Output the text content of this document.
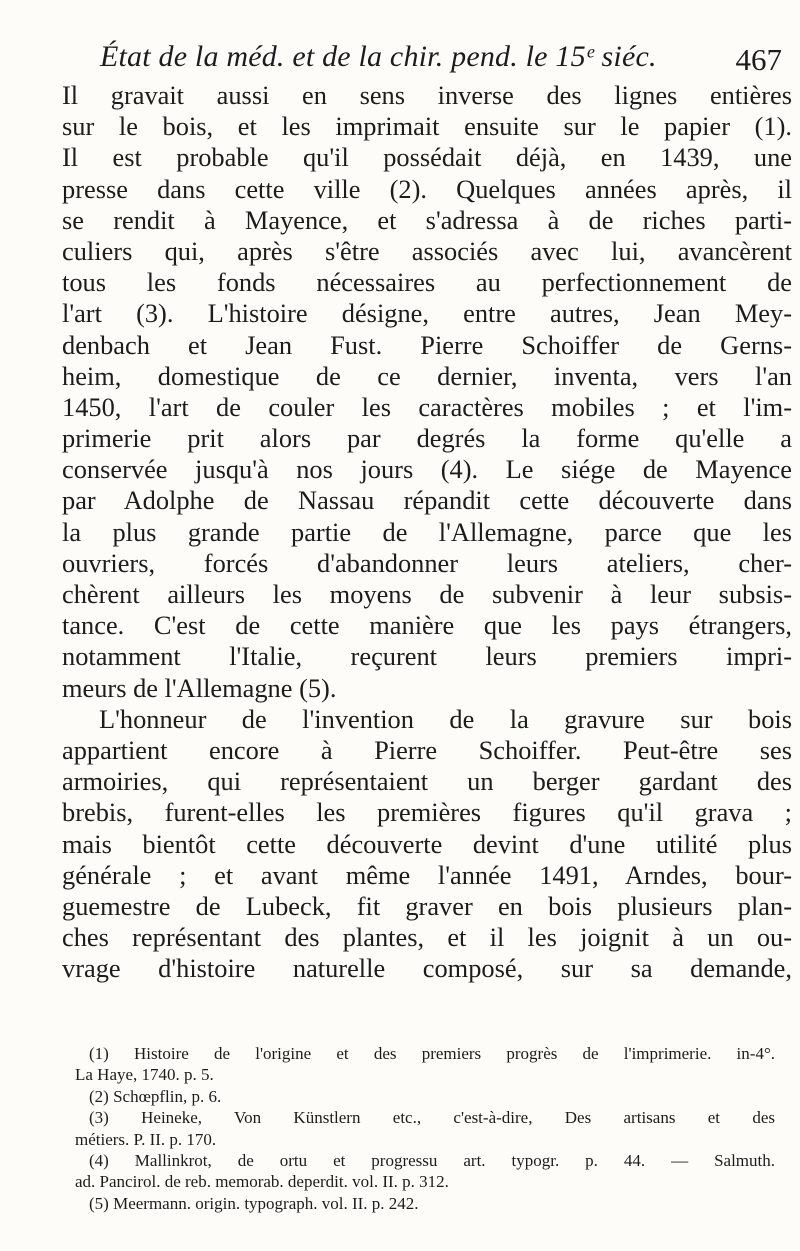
État de la méd. et de la chir. pend. le 15ᵉ siéc.	467
Il gravait aussi en sens inverse des lignes entières
sur le bois, et les imprimait ensuite sur le papier (1).
Il est probable qu'il possédait déjà, en 1439, une
presse dans cette ville (2). Quelques années après, il
se rendit à Mayence, et s'adressa à de riches parti-
culiers qui, après s'être associés avec lui, avancèrent
tous les fonds nécessaires au perfectionnement de
l'art (3). L'histoire désigne, entre autres, Jean Mey-
denbach et Jean Fust. Pierre Schoiffer de Gerns-
heim, domestique de ce dernier, inventa, vers l'an
1450, l'art de couler les caractères mobiles ; et l'im-
primerie prit alors par degrés la forme qu'elle a
conservée jusqu'à nos jours (4). Le siége de Mayence
par Adolphe de Nassau répandit cette découverte dans
la plus grande partie de l'Allemagne, parce que les
ouvriers, forcés d'abandonner leurs ateliers, cher-
chèrent ailleurs les moyens de subvenir à leur subsis-
tance. C'est de cette manière que les pays étrangers,
notamment l'Italie, reçurent leurs premiers impri-
meurs de l'Allemagne (5).
L'honneur de l'invention de la gravure sur bois
appartient encore à Pierre Schoiffer. Peut-être ses
armoiries, qui représentaient un berger gardant des
brebis, furent-elles les premières figures qu'il grava ;
mais bientôt cette découverte devint d'une utilité plus
générale ; et avant même l'année 1491, Arndes, bour-
guemestre de Lubeck, fit graver en bois plusieurs plan-
ches représentant des plantes, et il les joignit à un ou-
vrage d'histoire naturelle composé, sur sa demande,
(1) Histoire de l'origine et des premiers progrès de l'imprimerie. in-4°.
La Haye, 1740. p. 5.
(2) Schœpflin, p. 6.
(3) Heineke, Von Künstlern etc., c'est-à-dire, Des artisans et des
métiers. P. II. p. 170.
(4) Mallinkrot, de ortu et progressu art. typogr. p. 44. — Salmuth.
ad. Pancirol. de reb. memorab. deperdit. vol. II. p. 312.
(5) Meermann. origin. typograph. vol. II. p. 242.
